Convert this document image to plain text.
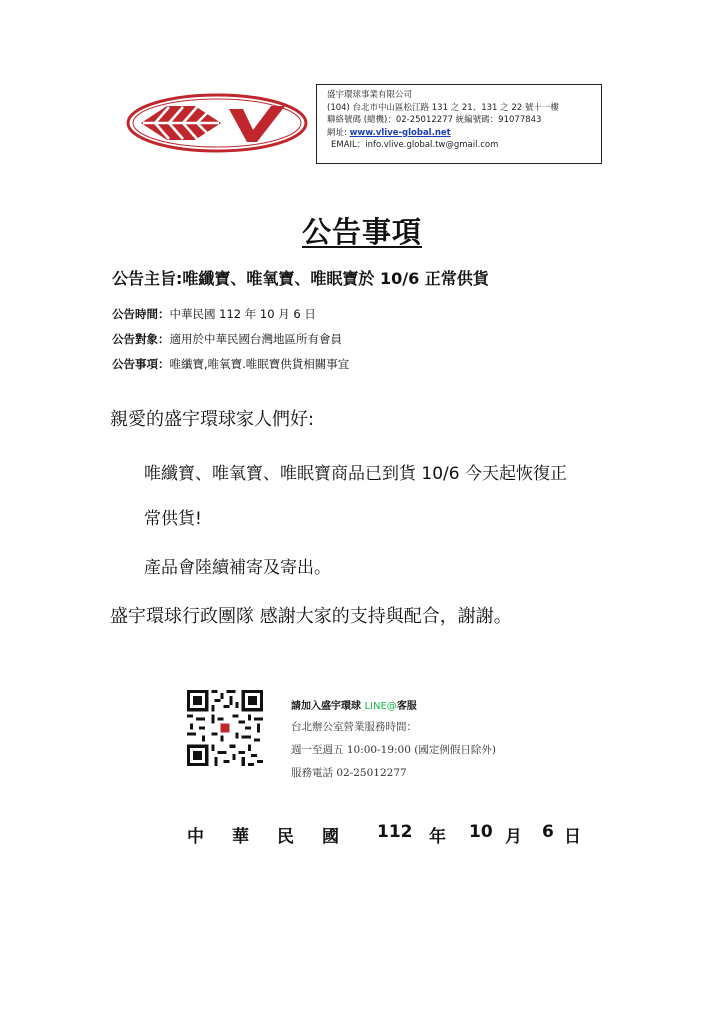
盛宇環球事業有限公司
(104) 台北市中山區松江路 131 之 21、131 之 22 號十一樓
聯絡號碼 (總機)：02-25012277 統編號碼：91077843
網址: www.vlive-global.net
EMAIL：info.vlive.global.tw@gmail.com
公告事項
公告主旨:唯纖寶、唯氧寶、唯眠寶於 10/6 正常供貨
公告時間：中華民國 112 年 10 月 6 日
公告對象：適用於中華民國台灣地區所有會員
公告事項：唯纖寶,唯氧寶.唯眠寶供貨相關事宜
親愛的盛宇環球家人們好:
唯纖寶、唯氧寶、唯眠寶商品已到貨 10/6 今天起恢復正
常供貨!
產品會陸續補寄及寄出。
盛宇環球行政團隊 感謝大家的支持與配合，謝謝。
請加入盛宇環球 LINE@客服
台北辦公室營業服務時間：
週一至週五 10:00-19:00 (國定例假日除外)
服務電話 02-25012277
中	華	民	國	112 年	10 月	6 日
